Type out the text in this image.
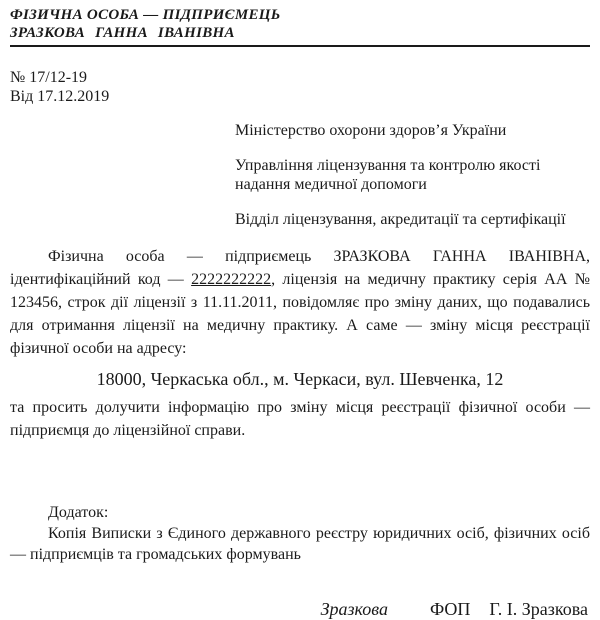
ФІЗИЧНА ОСОБА — ПІДПРИЄМЕЦЬ
ЗРАЗКОВА ГАННА ІВАНІВНА
№ 17/12-19
Від 17.12.2019

Міністерство охорони здоров’я України

Управління ліцензування та контролю якості надання медичної допомоги

Відділ ліцензування, акредитації та сертифікації

Фізична особа — підприємець ЗРАЗКОВА ГАННА ІВАНІВНА, ідентифікаційний код — 2222222222, ліцензія на медичну практику серія АА № 123456, строк дії ліцензії з 11.11.2011, повідомляє про зміну даних, що подавались для отримання ліцензії на медичну практику. А саме — зміну місця реєстрації фізичної особи на адресу:

18000, Черкаська обл., м. Черкаси, вул. Шевченка, 12

та просить долучити інформацію про зміну місця реєстрації фізичної особи — підприємця до ліцензійної справи.

Додаток:

Копія Виписки з Єдиного державного реєстру юридичних осіб, фізичних осіб — підприємців та громадських формувань

Зразкова ФОП Г. І. Зразкова
